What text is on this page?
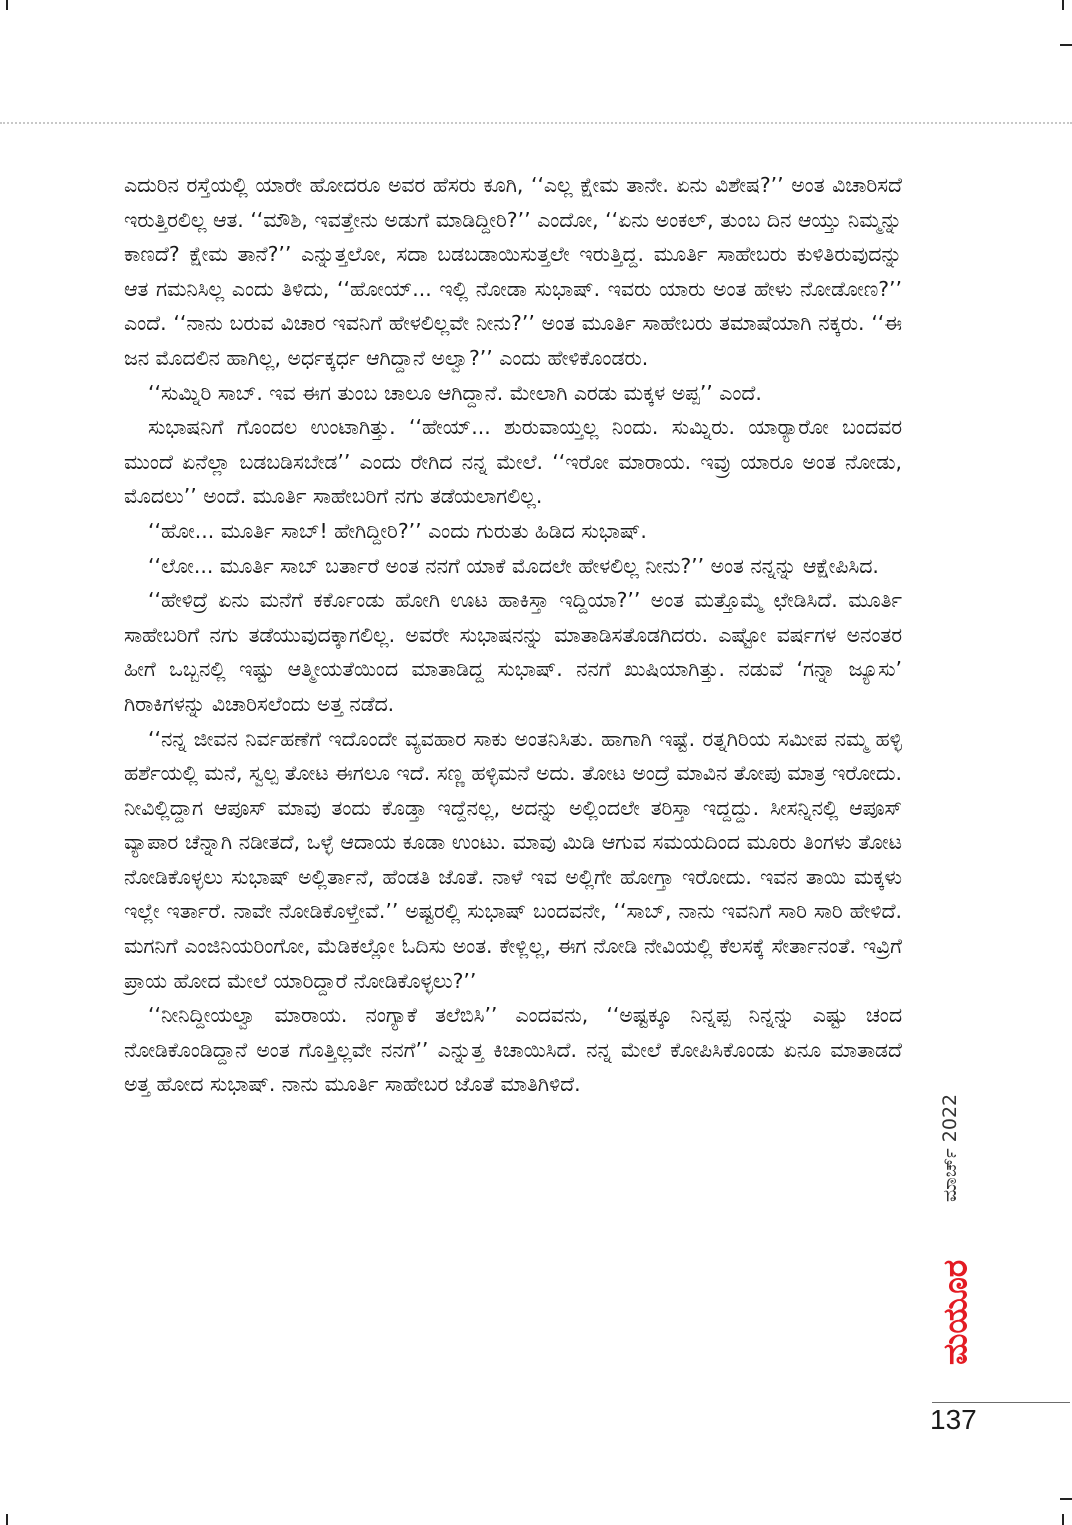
ಎದುರಿನ ರಸ್ತೆಯಲ್ಲಿ ಯಾರೇ ಹೋದರೂ ಅವರ ಹೆಸರು ಕೂಗಿ, ‘‘ಎಲ್ಲ ಕ್ಷೇಮ ತಾನೇ. ಏನು ವಿಶೇಷ?’’ ಅಂತ ವಿಚಾರಿಸದೆ ಇರುತ್ತಿರಲಿಲ್ಲ ಆತ. ‘‘ಮೌಶಿ, ಇವತ್ತೇನು ಅಡುಗೆ ಮಾಡಿದ್ದೀರಿ?’’ ಎಂದೋ, ‘‘ಏನು ಅಂಕಲ್, ತುಂಬ ದಿನ ಆಯ್ತು ನಿಮ್ಮನ್ನು ಕಾಣದೆ? ಕ್ಷೇಮ ತಾನೆ?’’ ಎನ್ನುತ್ತಲೋ, ಸದಾ ಬಡಬಡಾಯಿಸುತ್ತಲೇ ಇರುತ್ತಿದ್ದ. ಮೂರ್ತಿ ಸಾಹೇಬರು ಕುಳಿತಿರುವುದನ್ನು ಆತ ಗಮನಿಸಿಲ್ಲ ಎಂದು ತಿಳಿದು, ‘‘ಹೋಯ್... ಇಲ್ಲಿ ನೋಡಾ ಸುಭಾಷ್. ಇವರು ಯಾರು ಅಂತ ಹೇಳು ನೋಡೋಣ?’’ ಎಂದೆ. ‘‘ನಾನು ಬರುವ ವಿಚಾರ ಇವನಿಗೆ ಹೇಳಲಿಲ್ಲವೇ ನೀನು?’’ ಅಂತ ಮೂರ್ತಿ ಸಾಹೇಬರು ತಮಾಷೆಯಾಗಿ ನಕ್ಕರು. ‘‘ಈ ಜನ ಮೊದಲಿನ ಹಾಗಿಲ್ಲ, ಅರ್ಧಕ್ಕರ್ಧ ಆಗಿದ್ದಾನೆ ಅಲ್ವಾ?’’ ಎಂದು ಹೇಳಿಕೊಂಡರು.

‘‘ಸುಮ್ನಿರಿ ಸಾಬ್. ಇವ ಈಗ ತುಂಬ ಚಾಲೂ ಆಗಿದ್ದಾನೆ. ಮೇಲಾಗಿ ಎರಡು ಮಕ್ಕಳ ಅಪ್ಪ’’ ಎಂದೆ.

ಸುಭಾಷನಿಗೆ ಗೊಂದಲ ಉಂಟಾಗಿತ್ತು. ‘‘ಹೇಯ್... ಶುರುವಾಯ್ತಲ್ಲ ನಿಂದು. ಸುಮ್ನಿರು. ಯಾರ್‍ಯಾರೋ ಬಂದವರ ಮುಂದೆ ಏನೆಲ್ಲಾ ಬಡಬಡಿಸಬೇಡ’’ ಎಂದು ರೇಗಿದ ನನ್ನ ಮೇಲೆ. ‘‘ಇರೋ ಮಾರಾಯ. ಇವ್ರು ಯಾರೂ ಅಂತ ನೋಡು, ಮೊದಲು’’ ಅಂದೆ. ಮೂರ್ತಿ ಸಾಹೇಬರಿಗೆ ನಗು ತಡೆಯಲಾಗಲಿಲ್ಲ.

‘‘ಹೋ... ಮೂರ್ತಿ ಸಾಬ್! ಹೇಗಿದ್ದೀರಿ?’’ ಎಂದು ಗುರುತು ಹಿಡಿದ ಸುಭಾಷ್.

‘‘ಲೋ... ಮೂರ್ತಿ ಸಾಬ್ ಬರ್ತಾರೆ ಅಂತ ನನಗೆ ಯಾಕೆ ಮೊದಲೇ ಹೇಳಲಿಲ್ಲ ನೀನು?’’ ಅಂತ ನನ್ನನ್ನು ಆಕ್ಷೇಪಿಸಿದ.

‘‘ಹೇಳಿದ್ರೆ ಏನು ಮನೆಗೆ ಕರ್ಕೊಂಡು ಹೋಗಿ ಊಟ ಹಾಕಿಸ್ತಾ ಇದ್ದಿಯಾ?’’ ಅಂತ ಮತ್ತೊಮ್ಮೆ ಛೇಡಿಸಿದೆ. ಮೂರ್ತಿ ಸಾಹೇಬರಿಗೆ ನಗು ತಡೆಯುವುದಕ್ಕಾಗಲಿಲ್ಲ. ಅವರೇ ಸುಭಾಷನನ್ನು ಮಾತಾಡಿಸತೊಡಗಿದರು. ಎಷ್ಟೋ ವರ್ಷಗಳ ಅನಂತರ ಹೀಗೆ ಒಬ್ಬನಲ್ಲಿ ಇಷ್ಟು ಆತ್ಮೀಯತೆಯಿಂದ ಮಾತಾಡಿದ್ದ ಸುಭಾಷ್. ನನಗೆ ಖುಷಿಯಾಗಿತ್ತು. ನಡುವೆ ‘ಗನ್ನಾ ಜ್ಯೂಸು’ ಗಿರಾಕಿಗಳನ್ನು ವಿಚಾರಿಸಲೆಂದು ಅತ್ತ ನಡೆದ.

‘‘ನನ್ನ ಜೀವನ ನಿರ್ವಹಣೆಗೆ ಇದೊಂದೇ ವ್ಯವಹಾರ ಸಾಕು ಅಂತನಿಸಿತು. ಹಾಗಾಗಿ ಇಷ್ಟೆ. ರತ್ನಗಿರಿಯ ಸಮೀಪ ನಮ್ಮ ಹಳ್ಳಿ ಹರ್ಶೆಯಲ್ಲಿ ಮನೆ, ಸ್ವಲ್ಪ ತೋಟ ಈಗಲೂ ಇದೆ. ಸಣ್ಣ ಹಳ್ಳಿಮನೆ ಅದು. ತೋಟ ಅಂದ್ರೆ ಮಾವಿನ ತೋಪು ಮಾತ್ರ ಇರೋದು. ನೀವಿಲ್ಲಿದ್ದಾಗ ಆಪೂಸ್ ಮಾವು ತಂದು ಕೊಡ್ತಾ ಇದ್ದೆನಲ್ಲ, ಅದನ್ನು ಅಲ್ಲಿಂದಲೇ ತರಿಸ್ತಾ ಇದ್ದದ್ದು. ಸೀಸನ್ನಿನಲ್ಲಿ ಆಪೂಸ್ ವ್ಯಾಪಾರ ಚೆನ್ನಾಗಿ ನಡೀತದೆ, ಒಳ್ಳೆ ಆದಾಯ ಕೂಡಾ ಉಂಟು. ಮಾವು ಮಿಡಿ ಆಗುವ ಸಮಯದಿಂದ ಮೂರು ತಿಂಗಳು ತೋಟ ನೋಡಿಕೊಳ್ಳಲು ಸುಭಾಷ್ ಅಲ್ಲಿರ್ತಾನೆ, ಹೆಂಡತಿ ಜೊತೆ. ನಾಳೆ ಇವ ಅಲ್ಲಿಗೇ ಹೋಗ್ತಾ ಇರೋದು. ಇವನ ತಾಯಿ ಮಕ್ಕಳು ಇಲ್ಲೇ ಇರ್ತಾರೆ. ನಾವೇ ನೋಡಿಕೊಳ್ತೇವೆ.’’ ಅಷ್ಟರಲ್ಲಿ ಸುಭಾಷ್ ಬಂದವನೇ, ‘‘ಸಾಬ್, ನಾನು ಇವನಿಗೆ ಸಾರಿ ಸಾರಿ ಹೇಳಿದೆ. ಮಗನಿಗೆ ಎಂಜಿನಿಯರಿಂಗೋ, ಮೆಡಿಕಲ್ಲೋ ಓದಿಸು ಅಂತ. ಕೇಳ್ಲಿಲ್ಲ, ಈಗ ನೋಡಿ ನೇವಿಯಲ್ಲಿ ಕೆಲಸಕ್ಕೆ ಸೇರ್ತಾನಂತೆ. ಇವ್ರಿಗೆ ಪ್ರಾಯ ಹೋದ ಮೇಲೆ ಯಾರಿದ್ದಾರೆ ನೋಡಿಕೊಳ್ಳಲು?’’

‘‘ನೀನಿದ್ದೀಯಲ್ವಾ ಮಾರಾಯ. ನಂಗ್ಯಾಕೆ ತಲೆಬಿಸಿ’’ ಎಂದವನು, ‘‘ಅಷ್ಟಕ್ಕೂ ನಿನ್ನಪ್ಪ ನಿನ್ನನ್ನು ಎಷ್ಟು ಚಂದ ನೋಡಿಕೊಂಡಿದ್ದಾನೆ ಅಂತ ಗೊತ್ತಿಲ್ಲವೇ ನನಗೆ’’ ಎನ್ನುತ್ತ ಕಿಚಾಯಿಸಿದೆ. ನನ್ನ ಮೇಲೆ ಕೋಪಿಸಿಕೊಂಡು ಏನೂ ಮಾತಾಡದೆ ಅತ್ತ ಹೋದ ಸುಭಾಷ್. ನಾನು ಮೂರ್ತಿ ಸಾಹೇಬರ ಜೊತೆ ಮಾತಿಗಿಳಿದೆ.

ಮಾರ್ಚ್ 2022
ಮಯೂರ
137
